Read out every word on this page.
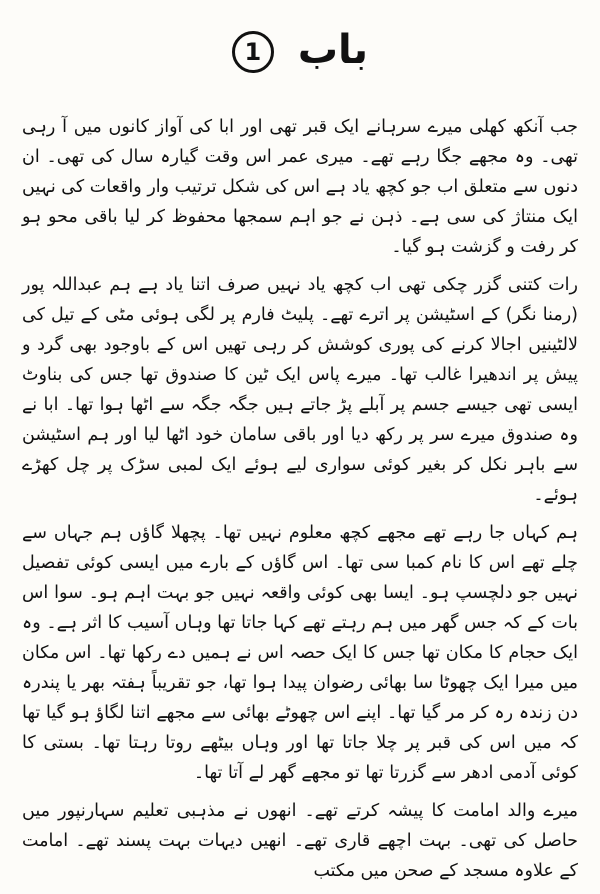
باب 1

جب آنکھ کھلی میرے سرہانے ایک قبر تھی اور ابا کی آواز کانوں میں آ رہی تھی۔ وہ مجھے جگا رہے تھے۔ میری عمر اس وقت گیارہ سال کی تھی۔ ان دنوں سے متعلق اب جو کچھ یاد ہے اس کی شکل ترتیب وار واقعات کی نہیں ایک منتاژ کی سی ہے۔ ذہن نے جو اہم سمجھا محفوظ کر لیا باقی محو ہو کر رفت و گزشت ہو گیا۔

رات کتنی گزر چکی تھی اب کچھ یاد نہیں صرف اتنا یاد ہے ہم عبداللہ پور (رمنا نگر) کے اسٹیشن پر اترے تھے۔ پلیٹ فارم پر لگی ہوئی مٹی کے تیل کی لالٹینیں اجالا کرنے کی پوری کوشش کر رہی تھیں اس کے باوجود بھی گرد و پیش پر اندھیرا غالب تھا۔ میرے پاس ایک ٹین کا صندوق تھا جس کی بناوٹ ایسی تھی جیسے جسم پر آبلے پڑ جاتے ہیں جگہ جگہ سے اٹھا ہوا تھا۔ ابا نے وہ صندوق میرے سر پر رکھ دیا اور باقی سامان خود اٹھا لیا اور ہم اسٹیشن سے باہر نکل کر بغیر کوئی سواری لیے ہوئے ایک لمبی سڑک پر چل کھڑے ہوئے۔

ہم کہاں جا رہے تھے مجھے کچھ معلوم نہیں تھا۔ پچھلا گاؤں ہم جہاں سے چلے تھے اس کا نام کمبا سی تھا۔ اس گاؤں کے بارے میں ایسی کوئی تفصیل نہیں جو دلچسپ ہو۔ ایسا بھی کوئی واقعہ نہیں جو بہت اہم ہو۔ سوا اس بات کے کہ جس گھر میں ہم رہتے تھے کہا جاتا تھا وہاں آسیب کا اثر ہے۔ وہ ایک حجام کا مکان تھا جس کا ایک حصہ اس نے ہمیں دے رکھا تھا۔ اس مکان میں میرا ایک چھوٹا سا بھائی رضوان پیدا ہوا تھا، جو تقریباً ہفتہ بھر یا پندرہ دن زندہ رہ کر مر گیا تھا۔ اپنے اس چھوٹے بھائی سے مجھے اتنا لگاؤ ہو گیا تھا کہ میں اس کی قبر پر چلا جاتا تھا اور وہاں بیٹھے روتا رہتا تھا۔ بستی کا کوئی آدمی ادھر سے گزرتا تھا تو مجھے گھر لے آتا تھا۔

میرے والد امامت کا پیشہ کرتے تھے۔ انھوں نے مذہبی تعلیم سہارنپور میں حاصل کی تھی۔ بہت اچھے قاری تھے۔ انھیں دیہات بہت پسند تھے۔ امامت کے علاوہ مسجد کے صحن میں مکتب
